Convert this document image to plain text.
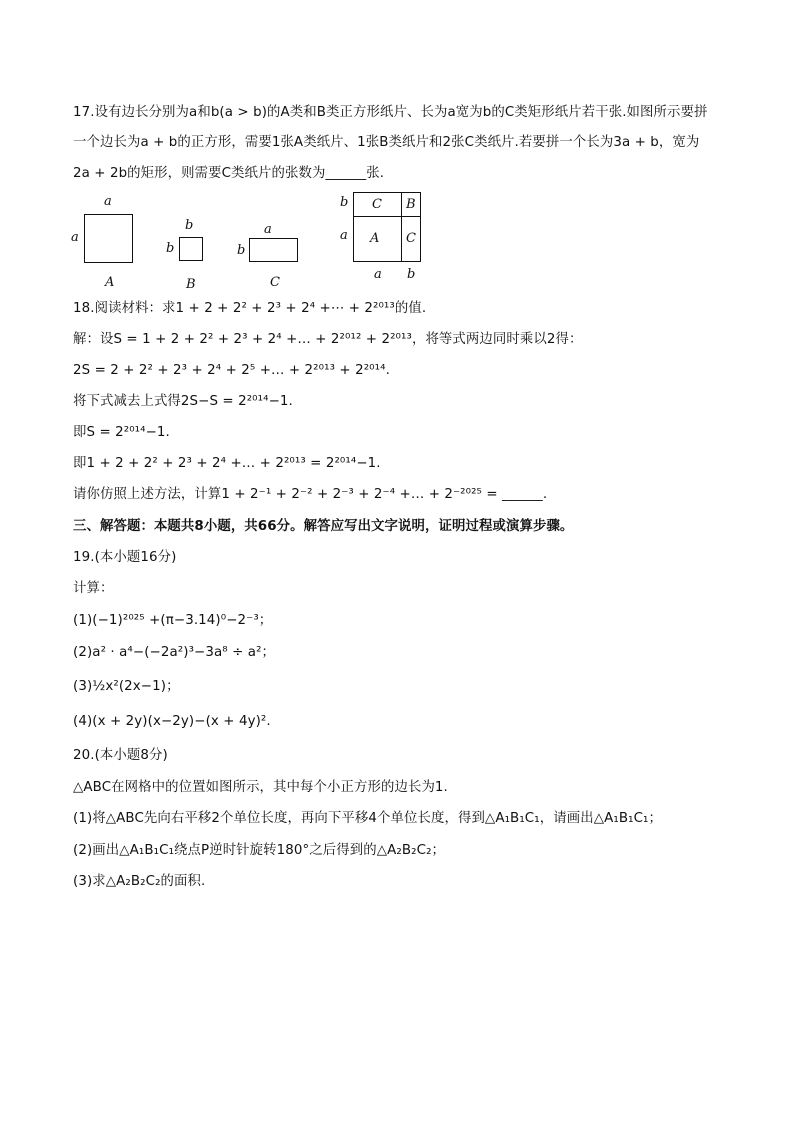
17.设有边长分别为a和b(a > b)的A类和B类正方形纸片、长为a宽为b的C类矩形纸片若干张.如图所示要拼
一个边长为a + b的正方形，需要1张A类纸片、1张B类纸片和2张C类纸片.若要拼一个长为3a + b，宽为
2a + 2b的矩形，则需要C类纸片的张数为______张.
a
a
A
b
b
B
a
b
C
C B
A C
b
a
a b
18.阅读材料：求1 + 2 + 2² + 2³ + 2⁴ +⋯ + 2²⁰¹³的值.
解：设S = 1 + 2 + 2² + 2³ + 2⁴ +… + 2²⁰¹² + 2²⁰¹³，将等式两边同时乘以2得：
2S = 2 + 2² + 2³ + 2⁴ + 2⁵ +… + 2²⁰¹³ + 2²⁰¹⁴.
将下式减去上式得2S−S = 2²⁰¹⁴−1.
即S = 2²⁰¹⁴−1.
即1 + 2 + 2² + 2³ + 2⁴ +… + 2²⁰¹³ = 2²⁰¹⁴−1.
请你仿照上述方法，计算1 + 2⁻¹ + 2⁻² + 2⁻³ + 2⁻⁴ +… + 2⁻²⁰²⁵ = ______.
三、解答题：本题共8小题，共66分。解答应写出文字说明，证明过程或演算步骤。
19.(本小题16分)
计算：
(1)(−1)²⁰²⁵ +(π−3.14)⁰−2⁻³；
(2)a² · a⁴−(−2a²)³−3a⁸ ÷ a²；
(3)½x²(2x−1)；
(4)(x + 2y)(x−2y)−(x + 4y)².
20.(本小题8分)
△ABC在网格中的位置如图所示，其中每个小正方形的边长为1.
(1)将△ABC先向右平移2个单位长度，再向下平移4个单位长度，得到△A₁B₁C₁，请画出△A₁B₁C₁；
(2)画出△A₁B₁C₁绕点P逆时针旋转180°之后得到的△A₂B₂C₂；
(3)求△A₂B₂C₂的面积.
